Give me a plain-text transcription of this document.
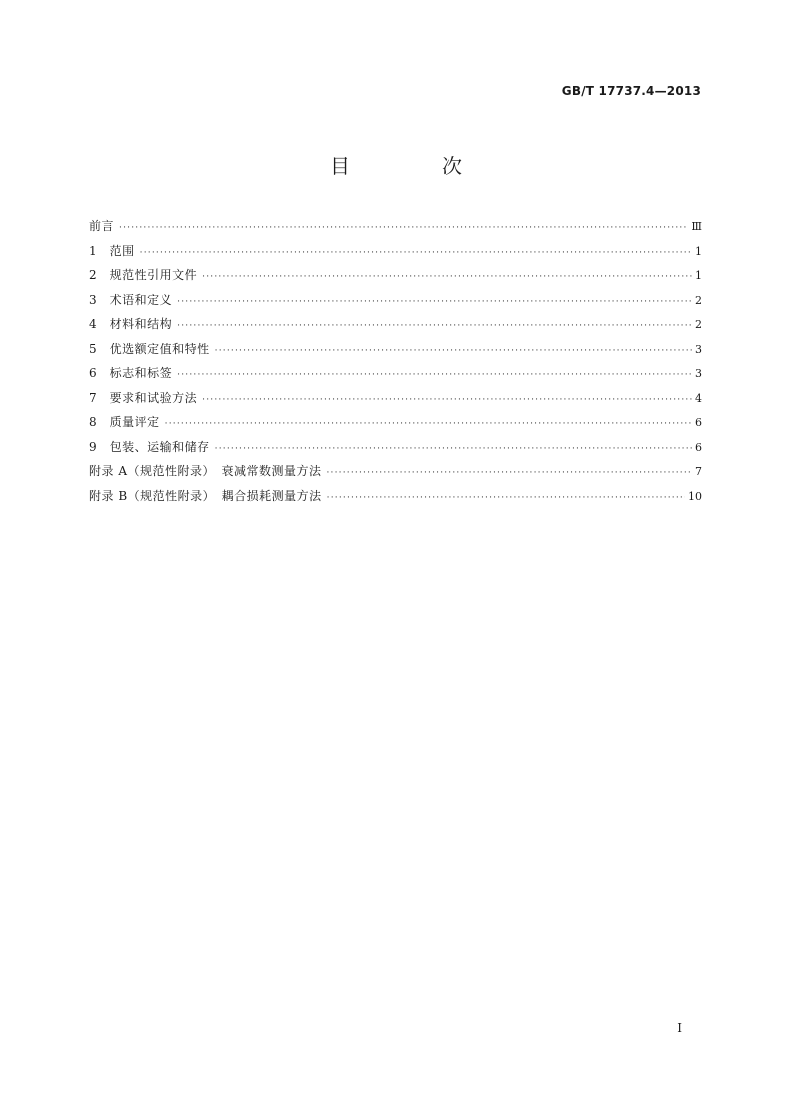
GB/T 17737.4—2013
目　次
前言 ·····	Ⅲ
1　范围 ·····	1
2　规范性引用文件 ·····	1
3　术语和定义 ·····	2
4　材料和结构 ·····	2
5　优选额定值和特性 ·····	3
6　标志和标签 ·····	3
7　要求和试验方法 ·····	4
8　质量评定 ·····	6
9　包装、运输和储存 ·····	6
附录 A（规范性附录）　衰减常数测量方法 ·····	7
附录 B（规范性附录）　耦合损耗测量方法 ·····	10
I
